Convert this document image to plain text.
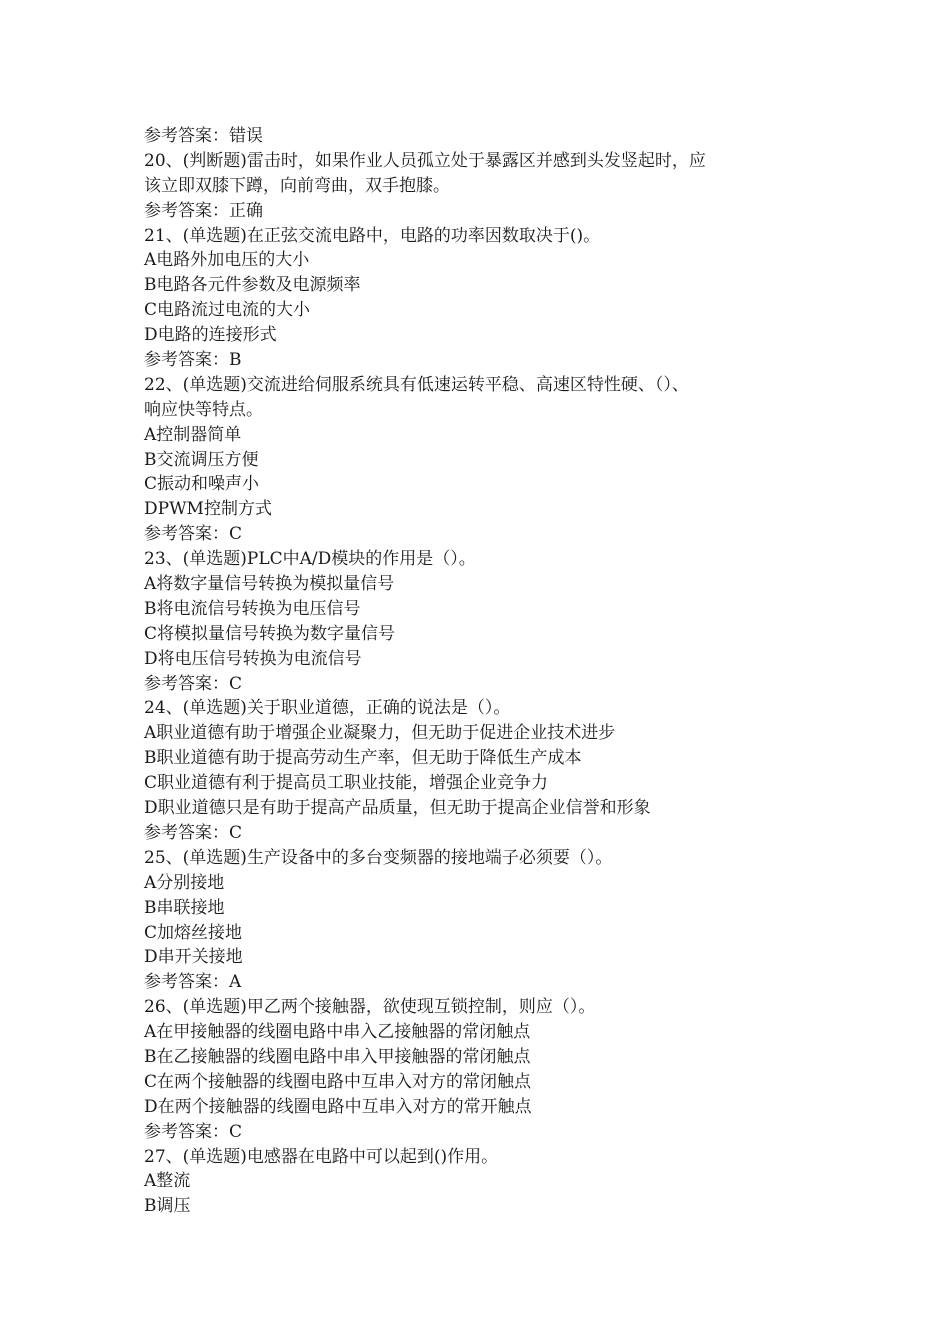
参考答案：错误
20、(判断题)雷击时，如果作业人员孤立处于暴露区并感到头发竖起时，应
该立即双膝下蹲，向前弯曲，双手抱膝。
参考答案：正确
21、(单选题)在正弦交流电路中，电路的功率因数取决于()。
A电路外加电压的大小
B电路各元件参数及电源频率
C电路流过电流的大小
D电路的连接形式
参考答案：B
22、(单选题)交流进给伺服系统具有低速运转平稳、高速区特性硬、（）、
响应快等特点。
A控制器简单
B交流调压方便
C振动和噪声小
DPWM控制方式
参考答案：C
23、(单选题)PLC中A/D模块的作用是（）。
A将数字量信号转换为模拟量信号
B将电流信号转换为电压信号
C将模拟量信号转换为数字量信号
D将电压信号转换为电流信号
参考答案：C
24、(单选题)关于职业道德，正确的说法是（）。
A职业道德有助于增强企业凝聚力，但无助于促进企业技术进步
B职业道德有助于提高劳动生产率，但无助于降低生产成本
C职业道德有利于提高员工职业技能，增强企业竞争力
D职业道德只是有助于提高产品质量，但无助于提高企业信誉和形象
参考答案：C
25、(单选题)生产设备中的多台变频器的接地端子必须要（）。
A分别接地
B串联接地
C加熔丝接地
D串开关接地
参考答案：A
26、(单选题)甲乙两个接触器，欲使现互锁控制，则应（）。
A在甲接触器的线圈电路中串入乙接触器的常闭触点
B在乙接触器的线圈电路中串入甲接触器的常闭触点
C在两个接触器的线圈电路中互串入对方的常闭触点
D在两个接触器的线圈电路中互串入对方的常开触点
参考答案：C
27、(单选题)电感器在电路中可以起到()作用。
A整流
B调压
